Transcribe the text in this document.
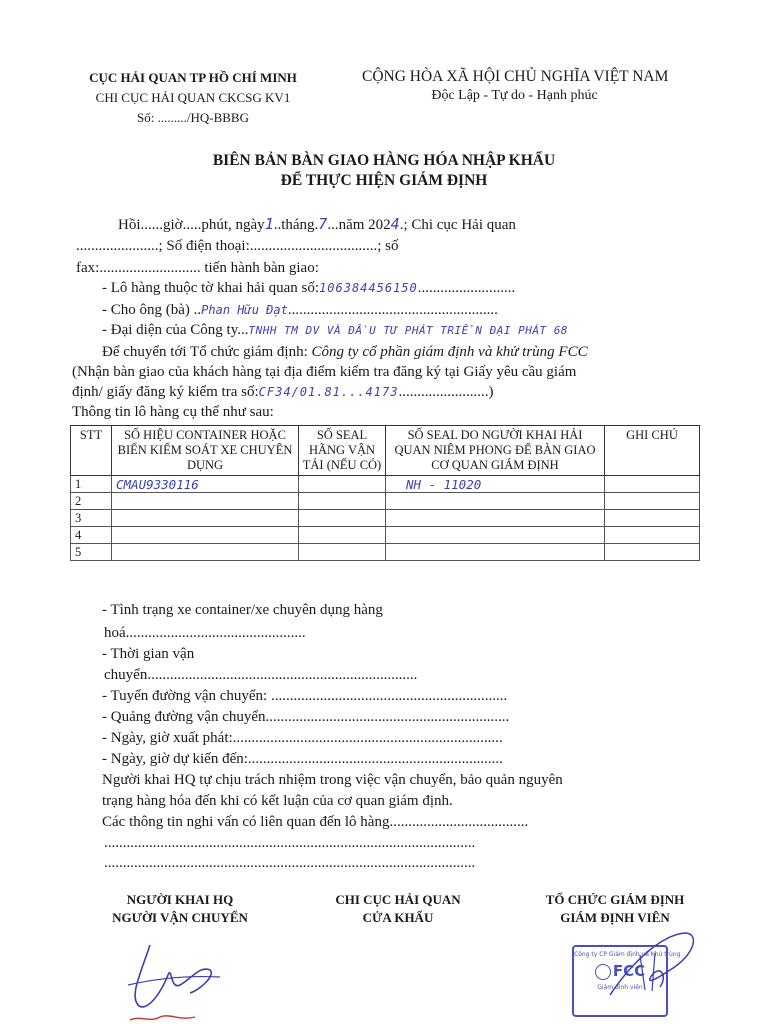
CỤC HẢI QUAN TP HỒ CHÍ MINH
CHI CỤC HẢI QUAN CKCSG KV1
Số: ........./HQ-BBBG
CỘNG HÒA XÃ HỘI CHỦ NGHĨA VIỆT NAM
Độc Lập - Tự do - Hạnh phúc
BIÊN BẢN BÀN GIAO HÀNG HÓA NHẬP KHẨU
ĐỂ THỰC HIỆN GIÁM ĐỊNH
Hồi......giờ.....phút, ngày1..tháng.7...năm 2024.; Chi cục Hải quan
......................; Số điện thoại:..................................; số
fax:........................... tiến hành bàn giao:
- Lô hàng thuộc tờ khai hải quan số:106384456150..........................
- Cho ông (bà) ..Phan Hữu Đạt........................................................
- Đại diện của Công ty...TNHH TM DV VÀ ĐẦU TƯ PHÁT TRIỂN ĐẠI PHÁT 68
Để chuyển tới Tổ chức giám định: Công ty cổ phần giám định và khử trùng FCC
(Nhận bàn giao của khách hàng tại địa điểm kiểm tra đăng ký tại Giấy yêu cầu giám
định/ giấy đăng ký kiểm tra số:CF34/01.81...4173........................)
Thông tin lô hàng cụ thể như sau:
STT	SỐ HIỆU CONTAINER HOẶC BIỂN KIỂM SOÁT XE CHUYÊN DỤNG	SỐ SEAL HÃNG VẬN TẢI (NẾU CÓ)	SỐ SEAL DO NGƯỜI KHAI HẢI QUAN NIÊM PHONG ĐỂ BÀN GIAO CƠ QUAN GIÁM ĐỊNH	GHI CHÚ
1	CMAU9330116		NH - 11020	
2				
3				
4				
5				
- Tình trạng xe container/xe chuyên dụng hàng
hoá................................................
- Thời gian vận
chuyển........................................................................
- Tuyến đường vận chuyển: ...............................................................
- Quảng đường vận chuyển.................................................................
- Ngày, giờ xuất phát:........................................................................
- Ngày, giờ dự kiến đến:....................................................................
Người khai HQ tự chịu trách nhiệm trong việc vận chuyển, bảo quản nguyên
trạng hàng hóa đến khi có kết luận của cơ quan giám định.
Các thông tin nghi vấn có liên quan đến lô hàng.....................................
...................................................................................................
...................................................................................................
NGƯỜI KHAI HQ
NGƯỜI VẬN CHUYỂN
CHI CỤC HẢI QUAN
CỬA KHẨU
TỔ CHỨC GIÁM ĐỊNH
GIÁM ĐỊNH VIÊN
Công ty CP Giám định và Khử trùng
FCC
Giám định viên
